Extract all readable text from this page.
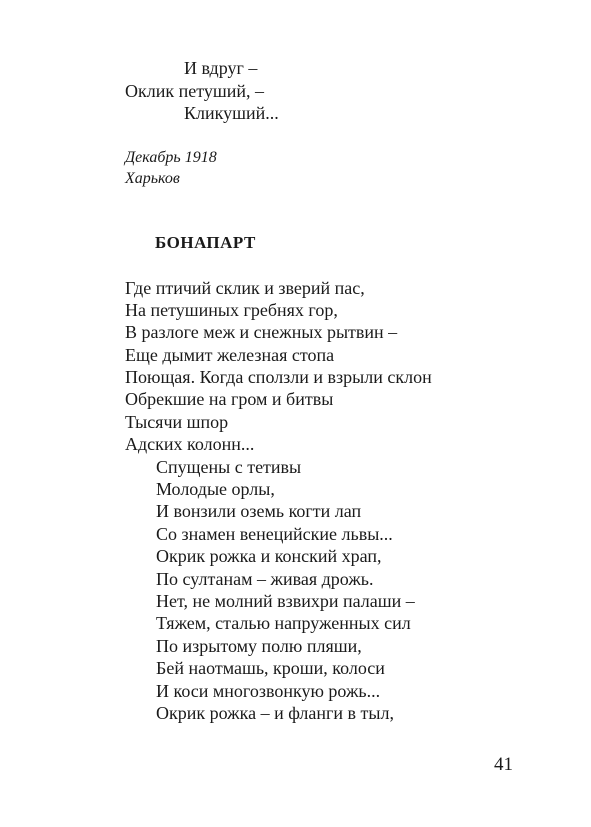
И вдруг –
Оклик петуший, –
Кликуший...
Декабрь 1918
Харьков
БОНАПАРТ
Где птичий склик и зверий пас,
На петушиных гребнях гор,
В разлоге меж и снежных рытвин –
Еще дымит железная стопа
Поющая. Когда сползли и взрыли склон
Обрекшие на гром и битвы
Тысячи шпор
Адских колонн...
Спущены с тетивы
Молодые орлы,
И вонзили оземь когти лап
Со знамен венецийские львы...
Окрик рожка и конский храп,
По султанам – живая дрожь.
Нет, не молний взвихри палаши –
Тяжем, сталью напруженных сил
По изрытому полю пляши,
Бей наотмашь, кроши, колоси
И коси многозвонкую рожь...
Окрик рожка – и фланги в тыл,
41
